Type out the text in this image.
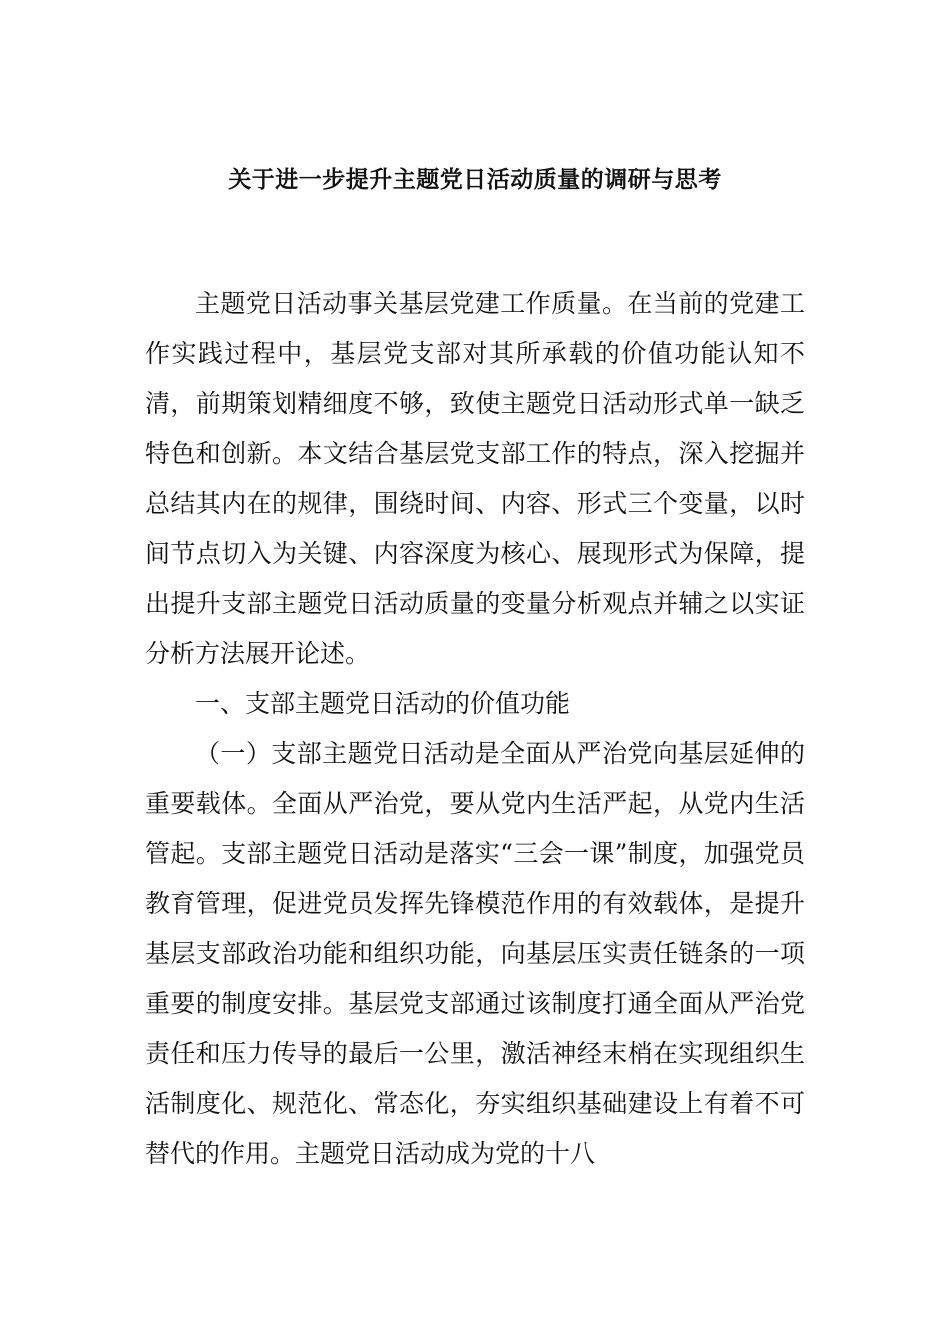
关于进一步提升主题党日活动质量的调研与思考

主题党日活动事关基层党建工作质量。在当前的党建工作实践过程中，基层党支部对其所承载的价值功能认知不清，前期策划精细度不够，致使主题党日活动形式单一缺乏特色和创新。本文结合基层党支部工作的特点，深入挖掘并总结其内在的规律，围绕时间、内容、形式三个变量，以时间节点切入为关键、内容深度为核心、展现形式为保障，提出提升支部主题党日活动质量的变量分析观点并辅之以实证分析方法展开论述。

一、支部主题党日活动的价值功能

（一）支部主题党日活动是全面从严治党向基层延伸的重要载体。全面从严治党，要从党内生活严起，从党内生活管起。支部主题党日活动是落实“三会一课”制度，加强党员教育管理，促进党员发挥先锋模范作用的有效载体，是提升基层支部政治功能和组织功能，向基层压实责任链条的一项重要的制度安排。基层党支部通过该制度打通全面从严治党责任和压力传导的最后一公里，激活神经末梢在实现组织生活制度化、规范化、常态化，夯实组织基础建设上有着不可替代的作用。主题党日活动成为党的十八
